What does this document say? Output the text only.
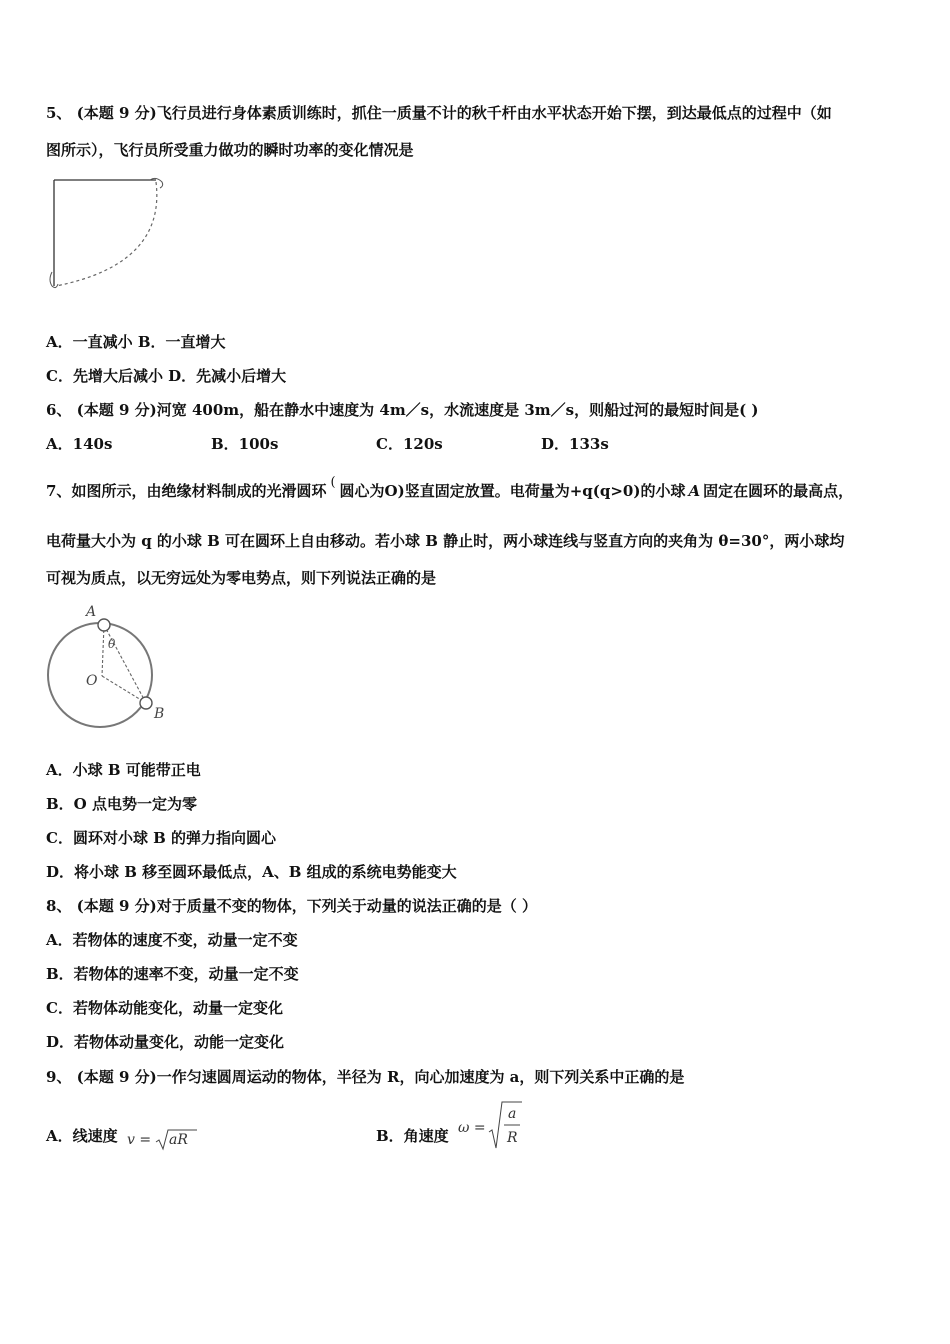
5、 (本题 9 分)飞行员进行身体素质训练时，抓住一质量不计的秋千杆由水平状态开始下摆，到达最低点的过程中（如
图所示），飞行员所受重力做功的瞬时功率的变化情况是
A．一直减小 B．一直增大
C．先增大后减小 D．先减小后增大
6、 (本题 9 分)河宽 400m，船在静水中速度为 4m／s，水流速度是 3m／s，则船过河的最短时间是( )
A．140s	B．100s	C．120s	D．133s
7、如图所示，由绝缘材料制成的光滑圆环 ( 圆心为O)竖直固定放置。电荷量为+q(q>0)的小球 A 固定在圆环的最高点，
电荷量大小为 q 的小球 B 可在圆环上自由移动。若小球 B 静止时，两小球连线与竖直方向的夹角为 θ=30°，两小球均
可视为质点，以无穷远处为零电势点，则下列说法正确的是
A
θ
O
B
A．小球 B 可能带正电
B．O 点电势一定为零
C．圆环对小球 B 的弹力指向圆心
D．将小球 B 移至圆环最低点，A、B 组成的系统电势能变大
8、 (本题 9 分)对于质量不变的物体，下列关于动量的说法正确的是（ ）
A．若物体的速度不变，动量一定不变
B．若物体的速率不变，动量一定不变
C．若物体动能变化，动量一定变化
D．若物体动量变化，动能一定变化
9、 (本题 9 分)一作匀速圆周运动的物体，半径为 R，向心加速度为 a，则下列关系中正确的是
A．线速度 v = aR	B．角速度 ω =
a
R
